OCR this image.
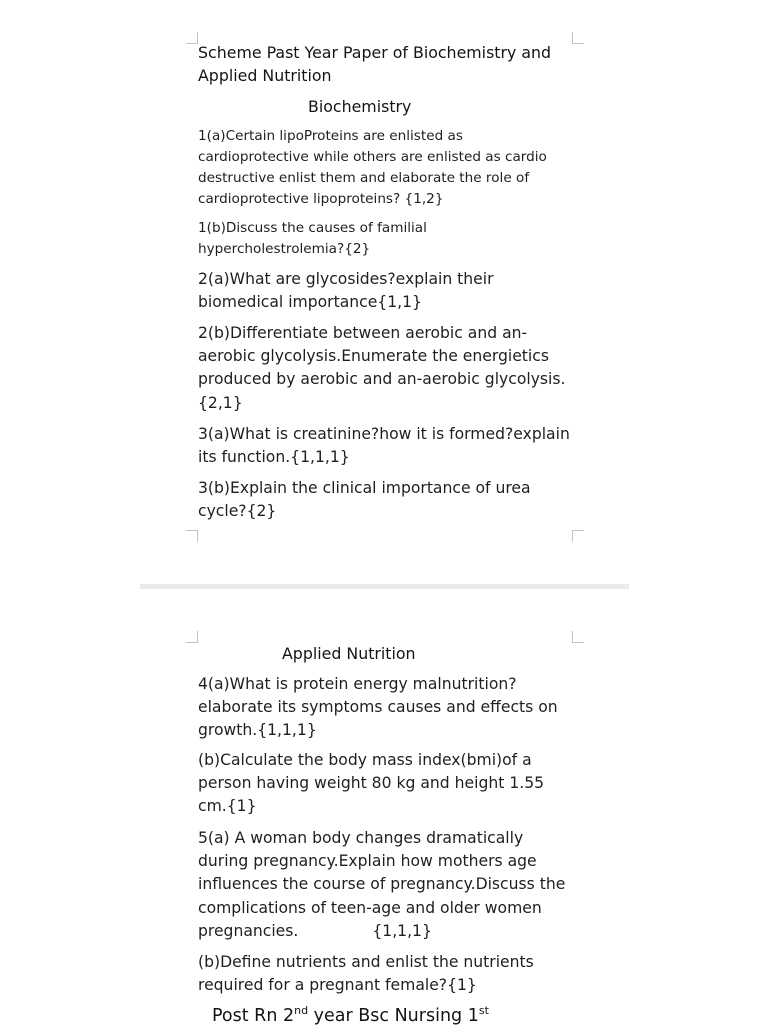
Scheme Past Year Paper of Biochemistry and Applied Nutrition

Biochemistry

1(a)Certain lipoProteins are enlisted as cardioprotective while others are enlisted as cardio destructive enlist them and elaborate the role of cardioprotective lipoproteins? {1,2}

1(b)Discuss the causes of familial hypercholestrolemia?{2}

2(a)What are glycosides?explain their biomedical importance{1,1}

2(b)Differentiate between aerobic and an-aerobic glycolysis.Enumerate the energietics produced by aerobic and an-aerobic glycolysis.{2,1}

3(a)What is creatinine?how it is formed?explain its function.{1,1,1}

3(b)Explain the clinical importance of urea cycle?{2}

Applied Nutrition

4(a)What is protein energy malnutrition?elaborate its symptoms causes and effects on growth.{1,1,1}

(b)Calculate the body mass index(bmi)of a person having weight 80 kg and height 1.55 cm.{1}

5(a) A woman body changes dramatically during pregnancy.Explain how mothers age influences the course of pregnancy.Discuss the complications of teen-age and older women pregnancies.	{1,1,1}

(b)Define nutrients and enlist the nutrients required for a pregnant female?{1}

Post Rn 2nd year Bsc Nursing 1st
